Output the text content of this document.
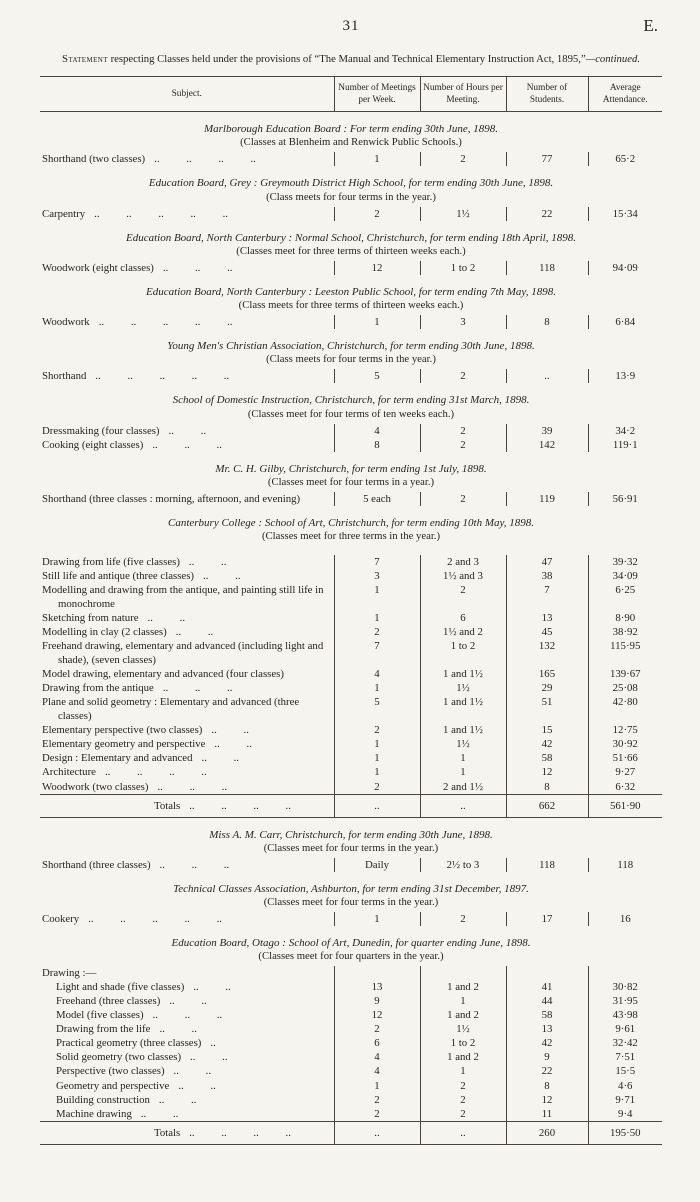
31	E.

Statement respecting Classes held under the provisions of “The Manual and Technical Elementary Instruction Act, 1895,”—continued.

Subject.	Number of Meetings per Week.	Number of Hours per Meeting.	Number of Students.	Average Attendance.
Marlborough Education Board : For term ending 30th June, 1898.				
(Classes at Blenheim and Renwick Public Schools.)				

Shorthand (two classes) .. .. .. ..	1	2	77	65·2
Education Board, Grey : Greymouth District High School, for term ending 30th June, 1898.				
(Class meets for four terms in the year.)				

Carpentry .. .. .. .. ..	2	1½	22	15·34
Education Board, North Canterbury : Normal School, Christchurch, for term ending 18th April, 1898.				
(Classes meet for three terms of thirteen weeks each.)				

Woodwork (eight classes) .. .. ..	12	1 to 2	118	94·09
Education Board, North Canterbury : Leeston Public School, for term ending 7th May, 1898.				
(Class meets for three terms of thirteen weeks each.)				

Woodwork .. .. .. .. ..	1	3	8	6·84
Young Men's Christian Association, Christchurch, for term ending 30th June, 1898.				
(Class meets for four terms in the year.)				

Shorthand .. .. .. .. ..	5	2	..	13·9
School of Domestic Instruction, Christchurch, for term ending 31st March, 1898.				
(Classes meet for four terms of ten weeks each.)				

Dressmaking (four classes) .. ..	4	2	39	34·2

Cooking (eight classes) .. .. ..	8	2	142	119·1
Mr. C. H. Gilby, Christchurch, for term ending 1st July, 1898.				
(Classes meet for four terms in a year.)				

Shorthand (three classes : morning, afternoon, and evening)	5 each	2	119	56·91
Canterbury College : School of Art, Christchurch, for term ending 10th May, 1898.				
(Classes meet for three terms in the year.)				

Drawing from life (five classes) .. ..	7	2 and 3	47	39·32

Still life and antique (three classes) .. ..	3	1½ and 3	38	34·09

Modelling and drawing from the antique, and painting still life in monochrome	1	2	7	6·25

Sketching from nature .. ..	1	6	13	8·90

Modelling in clay (2 classes) .. ..	2	1½ and 2	45	38·92

Freehand drawing, elementary and advanced (including light and shade), (seven classes)	7	1 to 2	132	115·95

Model drawing, elementary and advanced (four classes)	4	1 and 1½	165	139·67

Drawing from the antique .. .. ..	1	1½	29	25·08

Plane and solid geometry : Elementary and advanced (three classes)	5	1 and 1½	51	42·80

Elementary perspective (two classes) .. ..	2	1 and 1½	15	12·75

Elementary geometry and perspective .. ..	1	1½	42	30·92

Design : Elementary and advanced .. ..	1	1	58	51·66

Architecture .. .. .. ..	1	1	12	9·27

Woodwork (two classes) .. .. ..	2	2 and 1½	8	6·32

Totals .. .. .. ..	..	..	662	561·90
Miss A. M. Carr, Christchurch, for term ending 30th June, 1898.				
(Classes meet for four terms in the year.)				

Shorthand (three classes) .. .. ..	Daily	2½ to 3	118	118
Technical Classes Association, Ashburton, for term ending 31st December, 1897.				
(Classes meet for four terms in the year.)				

Cookery .. .. .. .. ..	1	2	17	16
Education Board, Otago : School of Art, Dunedin, for quarter ending June, 1898.				
(Classes meet for four quarters in the year.)				

Drawing :—				

Light and shade (five classes) .. ..	13	1 and 2	41	30·82

Freehand (three classes) .. ..	9	1	44	31·95

Model (five classes) .. .. ..	12	1 and 2	58	43·98

Drawing from the life .. ..	2	1½	13	9·61

Practical geometry (three classes) ..	6	1 to 2	42	32·42

Solid geometry (two classes) .. ..	4	1 and 2	9	7·51

Perspective (two classes) .. ..	4	1	22	15·5

Geometry and perspective .. ..	1	2	8	4·6

Building construction .. ..	2	2	12	9·71

Machine drawing .. ..	2	2	11	9·4

Totals .. .. .. ..	..	..	260	195·50
